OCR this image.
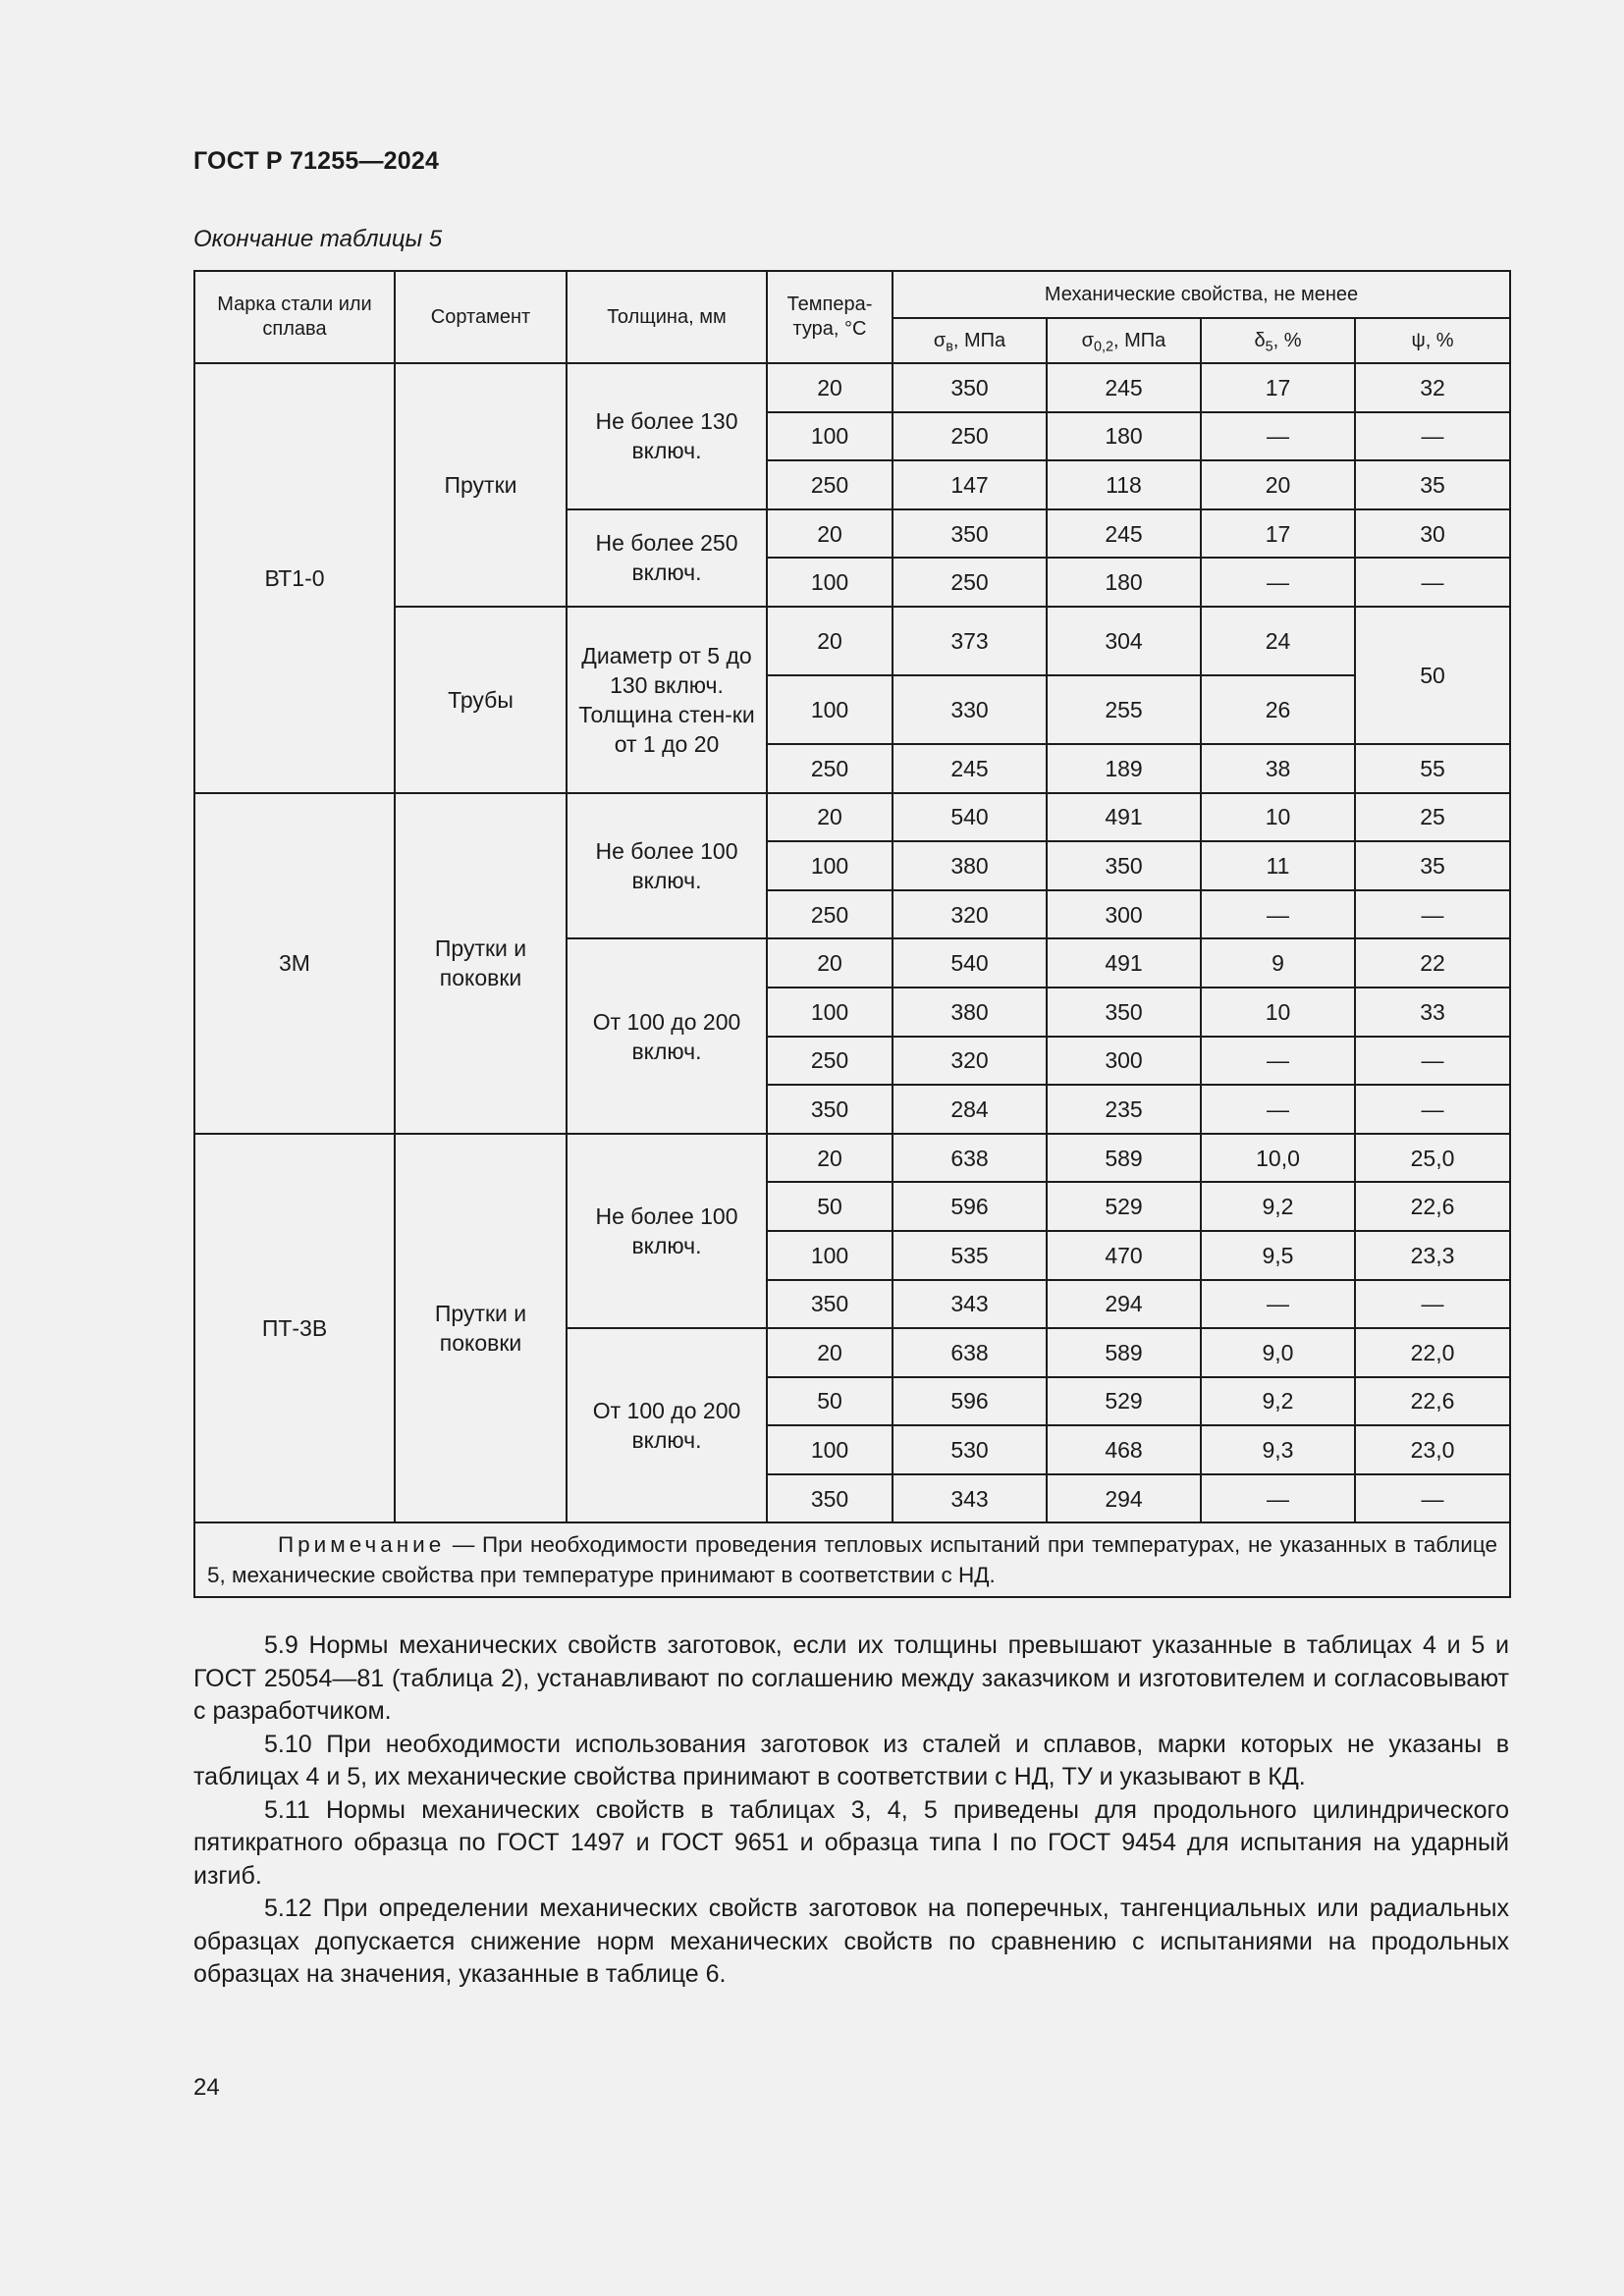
ГОСТ Р 71255—2024
Окончание таблицы 5
Марка стали или сплава	Сортамент	Толщина, мм	Темпера-тура, °С	Механические свойства, не менее			
				$\sigma_в$, МПа	$\sigma_{0,2}$, МПа	$\delta_5$, %	ψ, %
ВТ1-0	Прутки	Не более 130 включ.	20	350	245	17	32
			100	250	180	—	—
			250	147	118	20	35
		Не более 250 включ.	20	350	245	17	30
			100	250	180	—	—
	Трубы	Диаметр от 5 до 130 включ. Толщина стен-ки от 1 до 20	20	373	304	24	50
			100	330	255	26	
			250	245	189	38	55
3М	Прутки и поковки	Не более 100 включ.	20	540	491	10	25
			100	380	350	11	35
			250	320	300	—	—
		От 100 до 200 включ.	20	540	491	9	22
			100	380	350	10	33
			250	320	300	—	—
			350	284	235	—	—
ПТ-3В	Прутки и поковки	Не более 100 включ.	20	638	589	10,0	25,0
			50	596	529	9,2	22,6
			100	535	470	9,5	23,3
			350	343	294	—	—
		От 100 до 200 включ.	20	638	589	9,0	22,0
			50	596	529	9,2	22,6
			100	530	468	9,3	23,0
			350	343	294	—	—
Примечание — При необходимости проведения тепловых испытаний при температурах, не указанных в таблице 5, механические свойства при температуре принимают в соответствии с НД.							

5.9 Нормы механических свойств заготовок, если их толщины превышают указанные в таблицах 4 и 5 и ГОСТ 25054—81 (таблица 2), устанавливают по соглашению между заказчиком и изготовителем и согласовывают с разработчиком.

5.10 При необходимости использования заготовок из сталей и сплавов, марки которых не указаны в таблицах 4 и 5, их механические свойства принимают в соответствии с НД, ТУ и указывают в КД.

5.11 Нормы механических свойств в таблицах 3, 4, 5 приведены для продольного цилиндрического пятикратного образца по ГОСТ 1497 и ГОСТ 9651 и образца типа I по ГОСТ 9454 для испытания на ударный изгиб.

5.12 При определении механических свойств заготовок на поперечных, тангенциальных или радиальных образцах допускается снижение норм механических свойств по сравнению с испытаниями на продольных образцах на значения, указанные в таблице 6.

24
